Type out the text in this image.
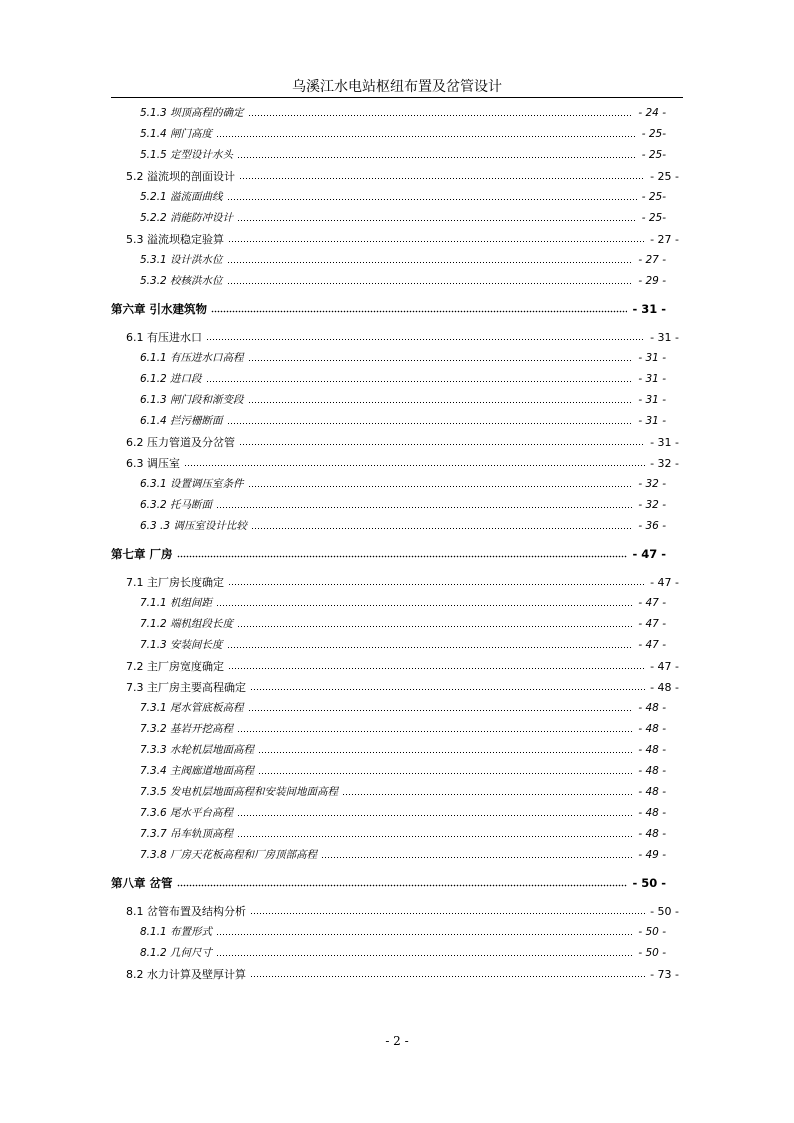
乌溪江水电站枢纽布置及岔管设计
5.1.3 坝顶高程的确定	- 24 -
5.1.4 闸门高度	- 25-
5.1.5 定型设计水头	- 25-
5.2 溢流坝的剖面设计	- 25 -
5.2.1 溢流面曲线	- 25-
5.2.2 消能防冲设计	- 25-
5.3 溢流坝稳定验算	- 27 -
5.3.1 设计洪水位	- 27 -
5.3.2 校核洪水位	- 29 -
第六章 引水建筑物	- 31 -
6.1 有压进水口	- 31 -
6.1.1 有压进水口高程	- 31 -
6.1.2 进口段	- 31 -
6.1.3 闸门段和渐变段	- 31 -
6.1.4 拦污栅断面	- 31 -
6.2 压力管道及分岔管	- 31 -
6.3 调压室	- 32 -
6.3.1 设置调压室条件	- 32 -
6.3.2 托马断面	- 32 -
6.3 .3 调压室设计比较	- 36 -
第七章 厂房	- 47 -
7.1 主厂房长度确定	- 47 -
7.1.1 机组间距	- 47 -
7.1.2 端机组段长度	- 47 -
7.1.3 安装间长度	- 47 -
7.2 主厂房宽度确定	- 47 -
7.3 主厂房主要高程确定	- 48 -
7.3.1 尾水管底板高程	- 48 -
7.3.2 基岩开挖高程	- 48 -
7.3.3 水轮机层地面高程	- 48 -
7.3.4 主阀廊道地面高程	- 48 -
7.3.5 发电机层地面高程和安装间地面高程	- 48 -
7.3.6 尾水平台高程	- 48 -
7.3.7 吊车轨顶高程	- 48 -
7.3.8 厂房天花板高程和厂房顶部高程	- 49 -
第八章 岔管	- 50 -
8.1 岔管布置及结构分析	- 50 -
8.1.1 布置形式	- 50 -
8.1.2 几何尺寸	- 50 -
8.2 水力计算及壁厚计算	- 73 -
- 2 -
